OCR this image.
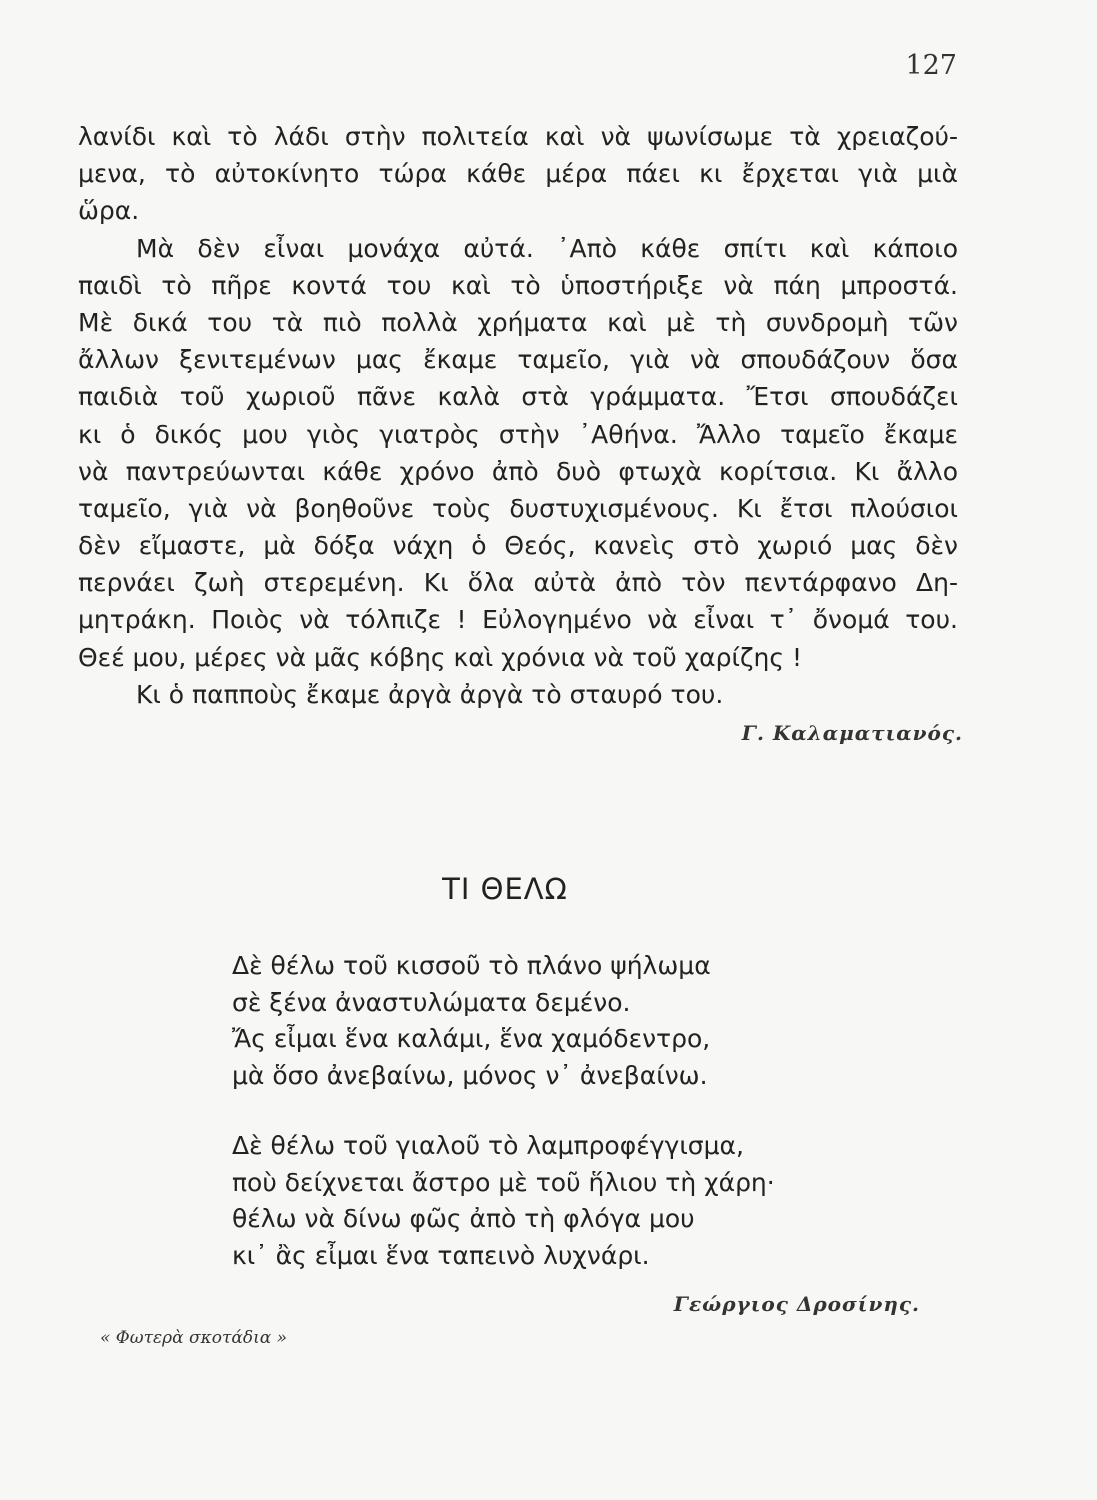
127
λανίδι καὶ τὸ λάδι στὴν πολιτεία καὶ νὰ ψωνίσωμε τὰ χρειαζού-
μενα, τὸ αὐτοκίνητο τώρα κάθε μέρα πάει κι ἔρχεται γιὰ μιὰ
ὥρα.
Μὰ δὲν εἶναι μονάχα αὐτά. ᾿Απὸ κάθε σπίτι καὶ κάποιο
παιδὶ τὸ πῆρε κοντά του καὶ τὸ ὑποστήριξε νὰ πάη μπροστά.
Μὲ δικά του τὰ πιὸ πολλὰ χρήματα καὶ μὲ τὴ συνδρομὴ τῶν
ἄλλων ξενιτεμένων μας ἔκαμε ταμεῖο, γιὰ νὰ σπουδάζουν ὅσα
παιδιὰ τοῦ χωριοῦ πᾶνε καλὰ στὰ γράμματα. Ἔτσι σπουδάζει
κι ὁ δικός μου γιὸς γιατρὸς στὴν ᾿Αθήνα. Ἄλλο ταμεῖο ἔκαμε
νὰ παντρεύωνται κάθε χρόνο ἀπὸ δυὸ φτωχὰ κορίτσια. Κι ἄλλο
ταμεῖο, γιὰ νὰ βοηθοῦνε τοὺς δυστυχισμένους. Κι ἔτσι πλούσιοι
δὲν εἴμαστε, μὰ δόξα νάχη ὁ Θεός, κανεὶς στὸ χωριό μας δὲν
περνάει ζωὴ στερεμένη. Κι ὅλα αὐτὰ ἀπὸ τὸν πεντάρφανο Δη-
μητράκη. Ποιὸς νὰ τόλπιζε ! Εὐλογημένο νὰ εἶναι τ᾿ ὄνομά του.
Θεέ μου, μέρες νὰ μᾶς κόβης καὶ χρόνια νὰ τοῦ χαρίζης !
Κι ὁ παπποὺς ἔκαμε ἀργὰ ἀργὰ τὸ σταυρό του.
Γ. Καλαματιανός.
ΤΙ ΘΕΛΩ
Δὲ θέλω τοῦ κισσοῦ τὸ πλάνο ψήλωμα
σὲ ξένα ἀναστυλώματα δεμένο.
Ἄς εἶμαι ἕνα καλάμι, ἕνα χαμόδεντρο,
μὰ ὅσο ἀνεβαίνω, μόνος ν᾿ ἀνεβαίνω.
Δὲ θέλω τοῦ γιαλοῦ τὸ λαμπροφέγγισμα,
ποὺ δείχνεται ἄστρο μὲ τοῦ ἥλιου τὴ χάρη·
θέλω νὰ δίνω φῶς ἀπὸ τὴ φλόγα μου
κι᾿ ἂς εἶμαι ἕνα ταπεινὸ λυχνάρι.
Γεώργιος Δροσίνης.
« Φωτερὰ σκοτάδια »
